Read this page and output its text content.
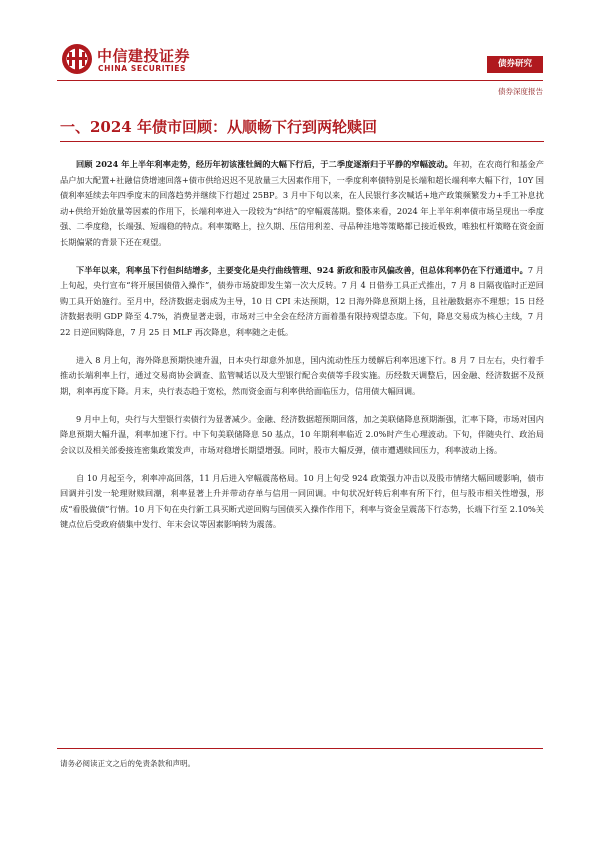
中信建投证券
CHINA SECURITIES	债券研究
债券深度报告
一、2024 年债市回顾：从顺畅下行到两轮赎回

回顾 2024 年上半年利率走势，经历年初该涨牡阔的大幅下行后，于二季度逐渐归于平静的窄幅波动。年初，在农商行和基金产品户加大配置+社融信贷增速回落+债市供给迟迟不见放量三大因素作用下，一季度利率债特别是长端和超长端利率大幅下行，10Y 国债利率延续去年四季度末的回落趋势并继续下行超过 25BP。3 月中下旬以来，在人民银行多次喊话+地产政策频繁发力+手工补息扰动+供给开始放量等因素的作用下，长端利率进入一段较为“纠结”的窄幅震荡期。整体来看，2024 年上半年利率债市场呈现出一季度强、二季度稳，长端强、短端稳的特点。利率策略上，拉久期、压信用利差、寻品种洼地等策略都已接近极致，唯独杠杆策略在资金面长期偏紧的背景下还在观望。

下半年以来，利率虽下行但纠结增多，主要变化是央行曲线管理、924 新政和股市风偏改善，但总体利率仍在下行通道中。7 月上旬起，央行宣布“将开展国债借入操作”，债券市场旋即发生第一次大反转。7 月 4 日借券工具正式推出，7 月 8 日隔夜临时正逆回购工具开始施行。至月中，经济数据走弱成为主导，10 日 CPI 未达预期，12 日海外降息预期上扬，且社融数据亦不理想；15 日经济数据表明 GDP 降至 4.7%，消费显著走弱，市场对三中全会在经济方面着墨有限持观望态度。下旬，降息交易成为核心主线，7 月 22 日逆回购降息，7 月 25 日 MLF 再次降息，利率随之走低。

进入 8 月上旬，海外降息预期快速升温，日本央行却意外加息，国内流动性压力缓解后利率迅速下行。8 月 7 日左右，央行着手推动长端利率上行，通过交易商协会调查、监管喊话以及大型银行配合卖债等手段实施。历经数天调整后，因金融、经济数据不及预期，利率再度下降。月末，央行表态趋于宽松，然而资金面与利率供给面临压力，信用债大幅回调。

9 月中上旬，央行与大型银行卖债行为显著减少。金融、经济数据超预期回落，加之美联储降息预期渐强，汇率下降，市场对国内降息预期大幅升温，利率加速下行。中下旬美联储降息 50 基点，10 年期利率临近 2.0%时产生心理波动。下旬，伴随央行、政治局会议以及相关部委接连密集政策发声，市场对稳增长期望增强。同时，股市大幅反弹，债市遭遇赎回压力，利率波动上扬。

自 10 月起至今，利率冲高回落，11 月后进入窄幅震荡格局。10 月上旬受 924 政策强力冲击以及股市情绪大幅回暖影响，债市回调并引发一轮理财赎回潮，利率显著上升并带动存单与信用一同回调。中旬状况好转后利率有所下行，但与股市相关性增强，形成“看股做债”行情。10 月下旬在央行新工具买断式逆回购与国债买入操作作用下，利率与资金呈震荡下行态势，长端下行至 2.10%关键点位后受政府债集中发行、年末会议等因素影响转为震荡。

请务必阅读正文之后的免责条款和声明。
